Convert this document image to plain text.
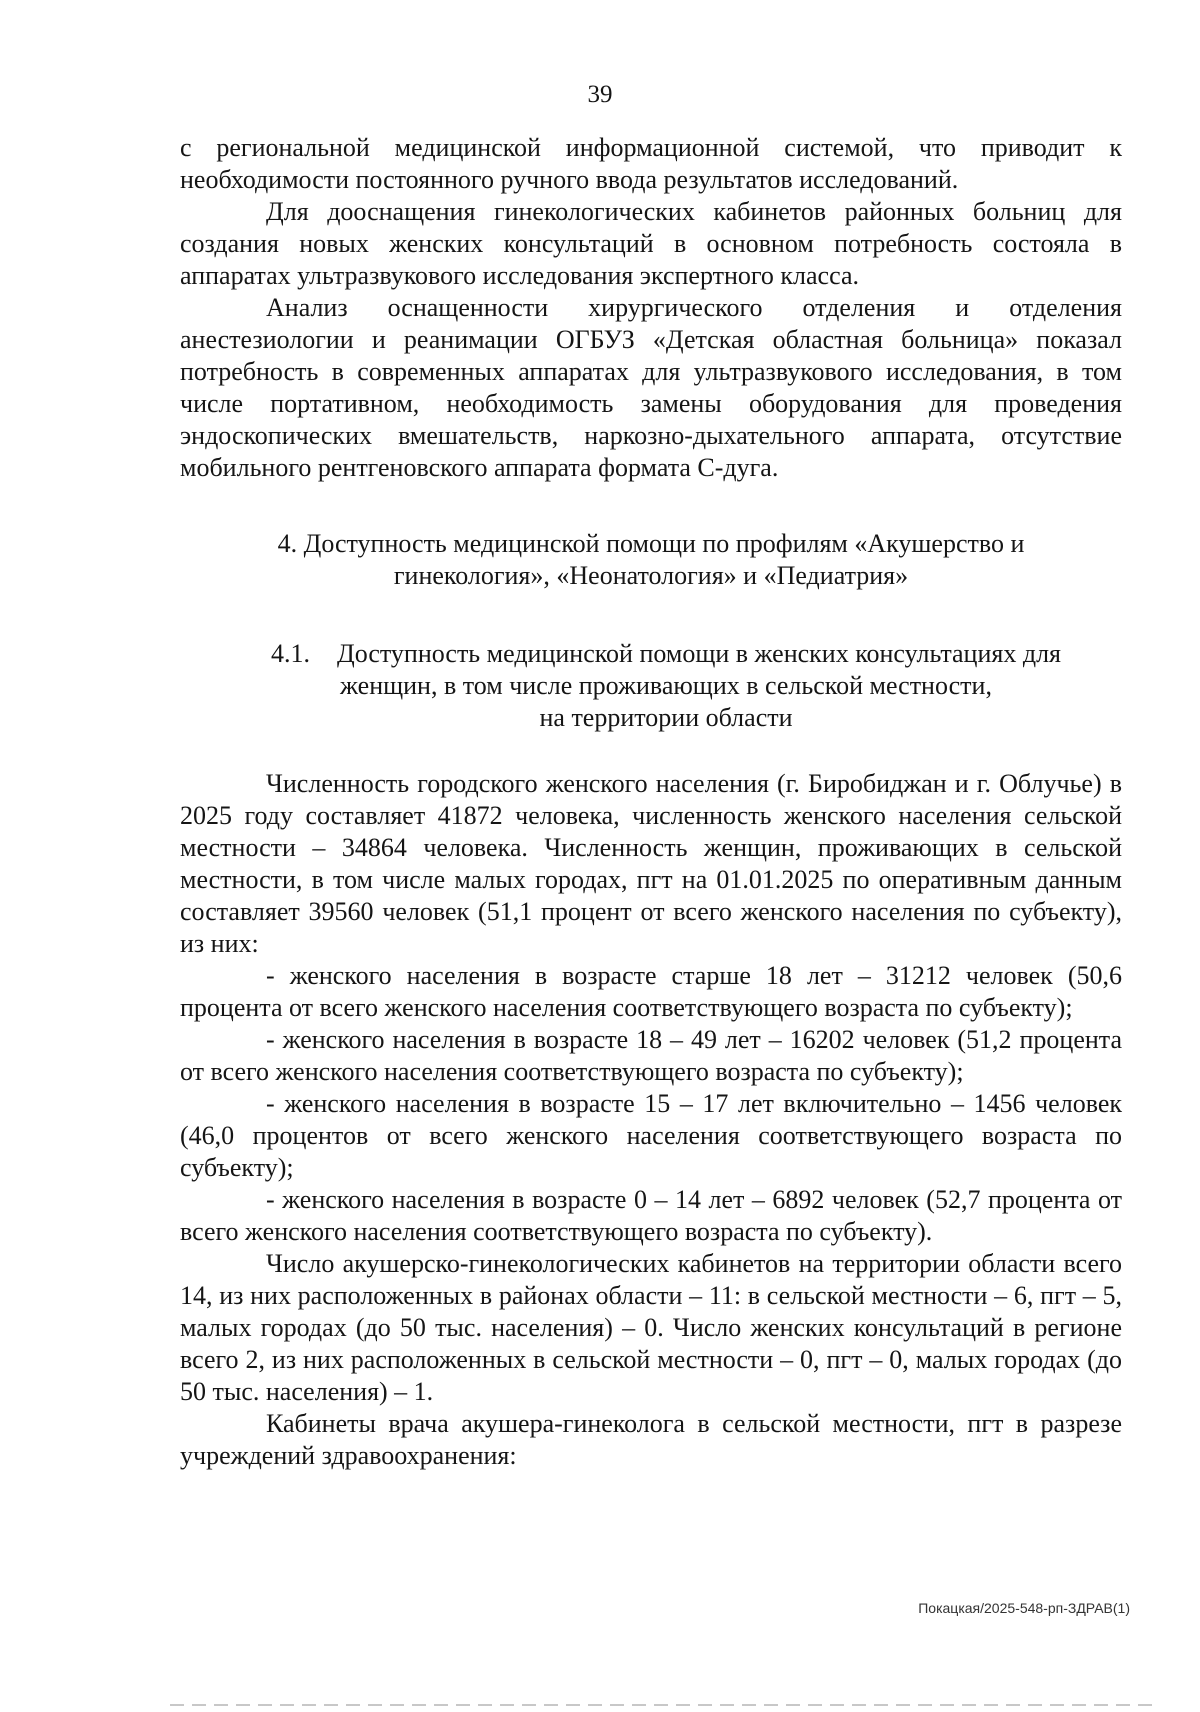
39

с региональной медицинской информационной системой, что приводит к необходимости постоянного ручного ввода результатов исследований.

Для дооснащения гинекологических кабинетов районных больниц для создания новых женских консультаций в основном потребность состояла в аппаратах ультразвукового исследования экспертного класса.

Анализ оснащенности хирургического отделения и отделения анестезиологии и реанимации ОГБУЗ «Детская областная больница» показал потребность в современных аппаратах для ультразвукового исследования, в том числе портативном, необходимость замены оборудования для проведения эндоскопических вмешательств, наркозно-дыхательного аппарата, отсутствие мобильного рентгеновского аппарата формата С-дуга.

4. Доступность медицинской помощи по профилям «Акушерство и
гинекология», «Неонатология» и «Педиатрия»
4.1. Доступность медицинской помощи в женских консультациях для
женщин, в том числе проживающих в сельской местности,
на территории области

Численность городского женского населения (г. Биробиджан и г. Облучье) в 2025 году составляет 41872 человека, численность женского населения сельской местности – 34864 человека. Численность женщин, проживающих в сельской местности, в том числе малых городах, пгт на 01.01.2025 по оперативным данным составляет 39560 человек (51,1 процент от всего женского населения по субъекту), из них:

- женского населения в возрасте старше 18 лет – 31212 человек (50,6 процента от всего женского населения соответствующего возраста по субъекту);

- женского населения в возрасте 18 – 49 лет – 16202 человек (51,2 процента от всего женского населения соответствующего возраста по субъекту);

- женского населения в возрасте 15 – 17 лет включительно – 1456 человек (46,0 процентов от всего женского населения соответствующего возраста по субъекту);

- женского населения в возрасте 0 – 14 лет – 6892 человек (52,7 процента от всего женского населения соответствующего возраста по субъекту).

Число акушерско-гинекологических кабинетов на территории области всего 14, из них расположенных в районах области – 11: в сельской местности – 6, пгт – 5, малых городах (до 50 тыс. населения) – 0. Число женских консультаций в регионе всего 2, из них расположенных в сельской местности – 0, пгт – 0, малых городах (до 50 тыс. населения) – 1.

Кабинеты врача акушера-гинеколога в сельской местности, пгт в разрезе учреждений здравоохранения:

Покацкая/2025-548-рп-ЗДРАВ(1)
